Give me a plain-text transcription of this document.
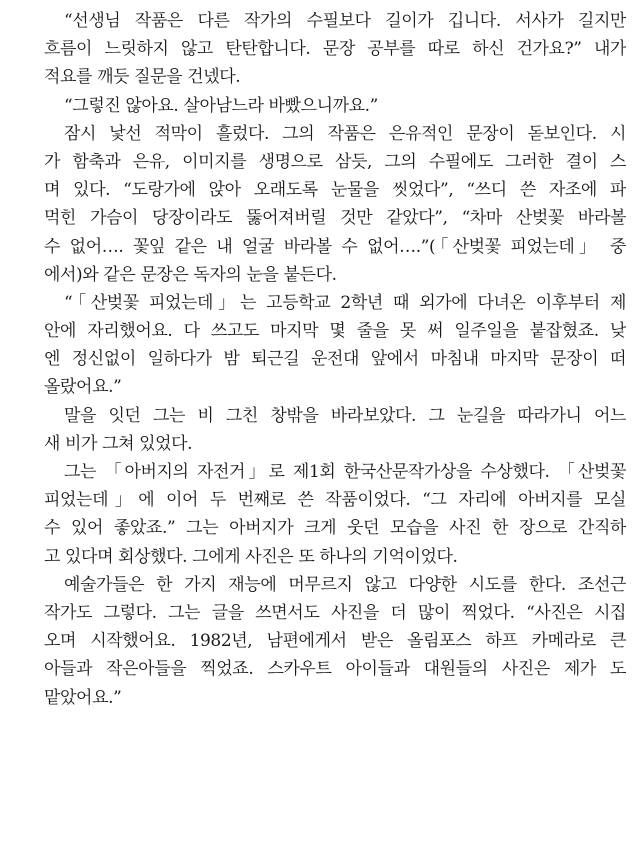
“선생님 작품은 다른 작가의 수필보다 길이가 깁니다. 서사가 길지만
흐름이 느릿하지 않고 탄탄합니다. 문장 공부를 따로 하신 건가요?” 내가
적요를 깨듯 질문을 건넸다.
“그렇진 않아요. 살아남느라 바빴으니까요.”
잠시 낯선 적막이 흘렀다. 그의 작품은 은유적인 문장이 돋보인다. 시
가 함축과 은유, 이미지를 생명으로 삼듯, 그의 수필에도 그러한 결이 스
며 있다. “도랑가에 앉아 오래도록 눈물을 씻었다”, “쓰디 쓴 자조에 파
먹힌 가슴이 당장이라도 뚫어져버릴 것만 같았다”, “차마 산벚꽃 바라볼
수 없어…. 꽃잎 같은 내 얼굴 바라볼 수 없어….”(「산벚꽃 피었는데」 중
에서)와 같은 문장은 독자의 눈을 붙든다.
“「산벚꽃 피었는데」는 고등학교 2학년 때 외가에 다녀온 이후부터 제
안에 자리했어요. 다 쓰고도 마지막 몇 줄을 못 써 일주일을 붙잡혔죠. 낮
엔 정신없이 일하다가 밤 퇴근길 운전대 앞에서 마침내 마지막 문장이 떠
올랐어요.”
말을 잇던 그는 비 그친 창밖을 바라보았다. 그 눈길을 따라가니 어느
새 비가 그쳐 있었다.
그는 「아버지의 자전거」로 제1회 한국산문작가상을 수상했다. 「산벚꽃
피었는데」에 이어 두 번째로 쓴 작품이었다. “그 자리에 아버지를 모실
수 있어 좋았죠.” 그는 아버지가 크게 웃던 모습을 사진 한 장으로 간직하
고 있다며 회상했다. 그에게 사진은 또 하나의 기억이었다.
예술가들은 한 가지 재능에 머무르지 않고 다양한 시도를 한다. 조선근
작가도 그렇다. 그는 글을 쓰면서도 사진을 더 많이 찍었다. “사진은 시집
오며 시작했어요. 1982년, 남편에게서 받은 올림포스 하프 카메라로 큰
아들과 작은아들을 찍었죠. 스카우트 아이들과 대원들의 사진은 제가 도
맡았어요.”
